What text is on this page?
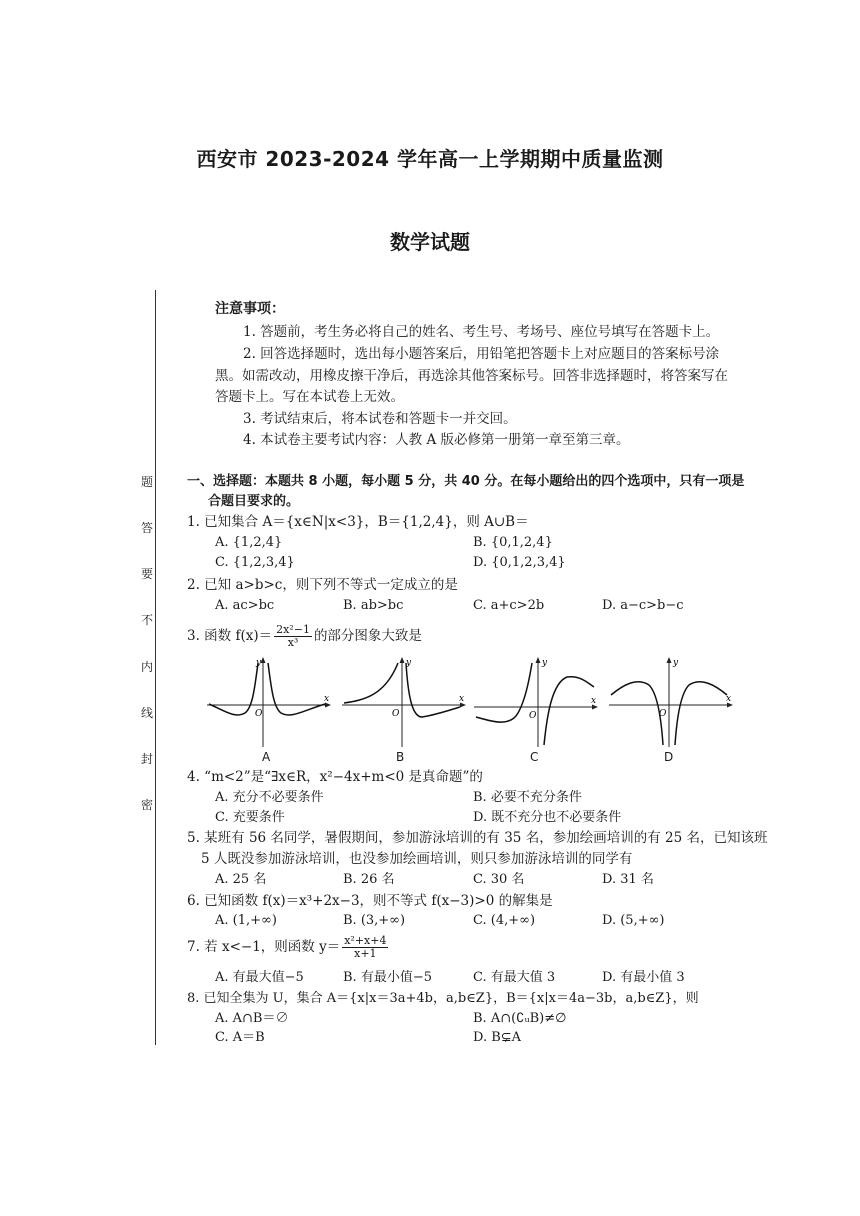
西安市 2023-2024 学年高一上学期期中质量监测
数学试题
题
答
要
不
内
线
封
密
注意事项：
1. 答题前，考生务必将自己的姓名、考生号、考场号、座位号填写在答题卡上。
2. 回答选择题时，选出每小题答案后，用铅笔把答题卡上对应题目的答案标号涂
黑。如需改动，用橡皮擦干净后，再选涂其他答案标号。回答非选择题时，将答案写在
答题卡上。写在本试卷上无效。
3. 考试结束后，将本试卷和答题卡一并交回。
4. 本试卷主要考试内容：人教 A 版必修第一册第一章至第三章。
一、选择题：本题共 8 小题，每小题 5 分，共 40 分。在每小题给出的四个选项中，只有一项是
合题目要求的。
1. 已知集合 A＝{x∈N|x<3}，B＝{1,2,4}，则 A∪B＝
A. {1,2,4}	B. {0,1,2,4}
C. {1,2,3,4}	D. {0,1,2,3,4}
2. 已知 a>b>c，则下列不等式一定成立的是
A. ac>bc	B. ab>bc	C. a+c>2b	D. a−c>b−c
3. 函数 $f(x)= \frac{\text{2x²−1}}{\text{x³}}$ 的部分图象大致是
x
y
O
A
x
y
O
B
x
y
O
C
x
y
O
D
4. “m<2”是“∃x∈R，x²−4x+m<0 是真命题”的
A. 充分不必要条件	B. 必要不充分条件
C. 充要条件	D. 既不充分也不必要条件
5. 某班有 56 名同学，暑假期间，参加游泳培训的有 35 名，参加绘画培训的有 25 名，已知该班
5 人既没参加游泳培训，也没参加绘画培训，则只参加游泳培训的同学有
A. 25 名	B. 26 名	C. 30 名	D. 31 名
6. 已知函数 f(x)＝x³+2x−3，则不等式 f(x−3)>0 的解集是
A. (1,+∞)	B. (3,+∞)	C. (4,+∞)	D. (5,+∞)
7. 若 x<−1，则函数 $y= \frac{\text{x²+x+4}}{x+1}$
A. 有最大值−5	B. 有最小值−5	C. 有最大值 3	D. 有最小值 3
8. 已知全集为 U，集合 A＝{x|x＝3a+4b，a,b∈Z}，B＝{x|x＝4a−3b，a,b∈Z}，则
A. A∩B＝∅	B. A∩(∁ᵤB)≠∅
C. A＝B	D. B⊊A
